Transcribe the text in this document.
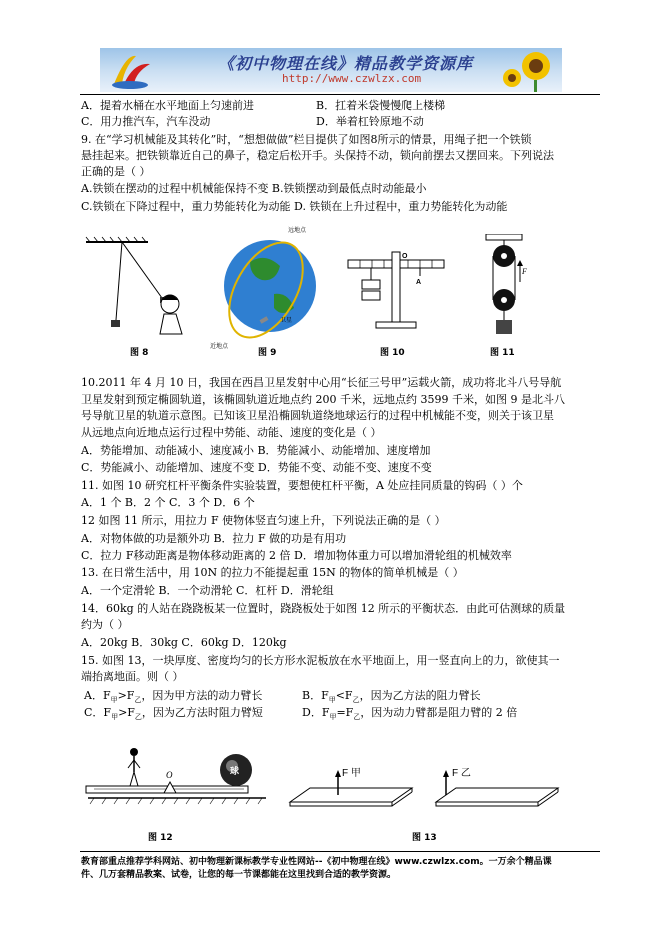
《初中物理在线》精品教学资源库
http://www.czwlzx.com
A．提着水桶在水平地面上匀速前进	B．扛着米袋慢慢爬上楼梯
C．用力推汽车，汽车没动	D．举着杠铃原地不动
9. 在“学习机械能及其转化”时，“想想做做”栏目提供了如图8所示的情景，用绳子把一个铁锁
悬挂起来。把铁锁靠近自己的鼻子，稳定后松开手。头保持不动，锁向前摆去又摆回来。下列说法
正确的是（ ）
A.铁锁在摆动的过程中机械能保持不变 B.铁锁摆动到最低点时动能最小
C.铁锁在下降过程中，重力势能转化为动能 D. 铁锁在上升过程中，重力势能转化为动能
图 8
远地点
近地点
卫星
图 9
O
A
图 10
F
图 11
10.2011 年 4 月 10 日，我国在西昌卫星发射中心用“长征三号甲”运载火箭，成功将北斗八号导航
卫星发射到预定椭圆轨道，该椭圆轨道近地点约 200 千米，远地点约 3599 千米，如图 9 是北斗八
号导航卫星的轨道示意图。已知该卫星沿椭圆轨道绕地球运行的过程中机械能不变，则关于该卫星
从远地点向近地点运行过程中势能、动能、速度的变化是（ ）
A．势能增加、动能减小、速度减小 B．势能减小、动能增加、速度增加
C．势能减小、动能增加、速度不变 D．势能不变、动能不变、速度不变
11. 如图 10 研究杠杆平衡条件实验装置，要想使杠杆平衡，A 处应挂同质量的钩码（ ）个
A．1 个 B．2 个 C．3 个 D．6 个
12 如图 11 所示，用拉力 F 使物体竖直匀速上升，下列说法正确的是（ ）
A．对物体做的功是额外功 B．拉力 F 做的功是有用功
C．拉力 F移动距离是物体移动距离的 2 倍 D．增加物体重力可以增加滑轮组的机械效率
13. 在日常生活中，用 10N 的拉力不能提起重 15N 的物体的简单机械是（ ）
A．一个定滑轮 B．一个动滑轮 C．杠杆 D．滑轮组
14．60kg 的人站在跷跷板某一位置时，跷跷板处于如图 12 所示的平衡状态．由此可估测球的质量
约为（ ）
A．20kg B．30kg C．60kg D．120kg
15. 如图 13，一块厚度、密度均匀的长方形水泥板放在水平地面上，用一竖直向上的力，欲使其一
端抬离地面。则（ ）
A．$F_甲>F_乙$，因为甲方法的动力臂长	B．$F_甲<F_乙$，因为乙方法的阻力臂长
C．$F_甲>F_乙$，因为乙方法时阻力臂短	D．$F_甲=F_乙$，因为动力臂都是阻力臂的 2 倍
O	球
图 12
F 甲	F 乙
图 13
教育部重点推荐学科网站、初中物理新课标教学专业性网站--《初中物理在线》www.czwlzx.com。一万余个精品课
件、几万套精品教案、试卷，让您的每一节课都能在这里找到合适的教学资源。
